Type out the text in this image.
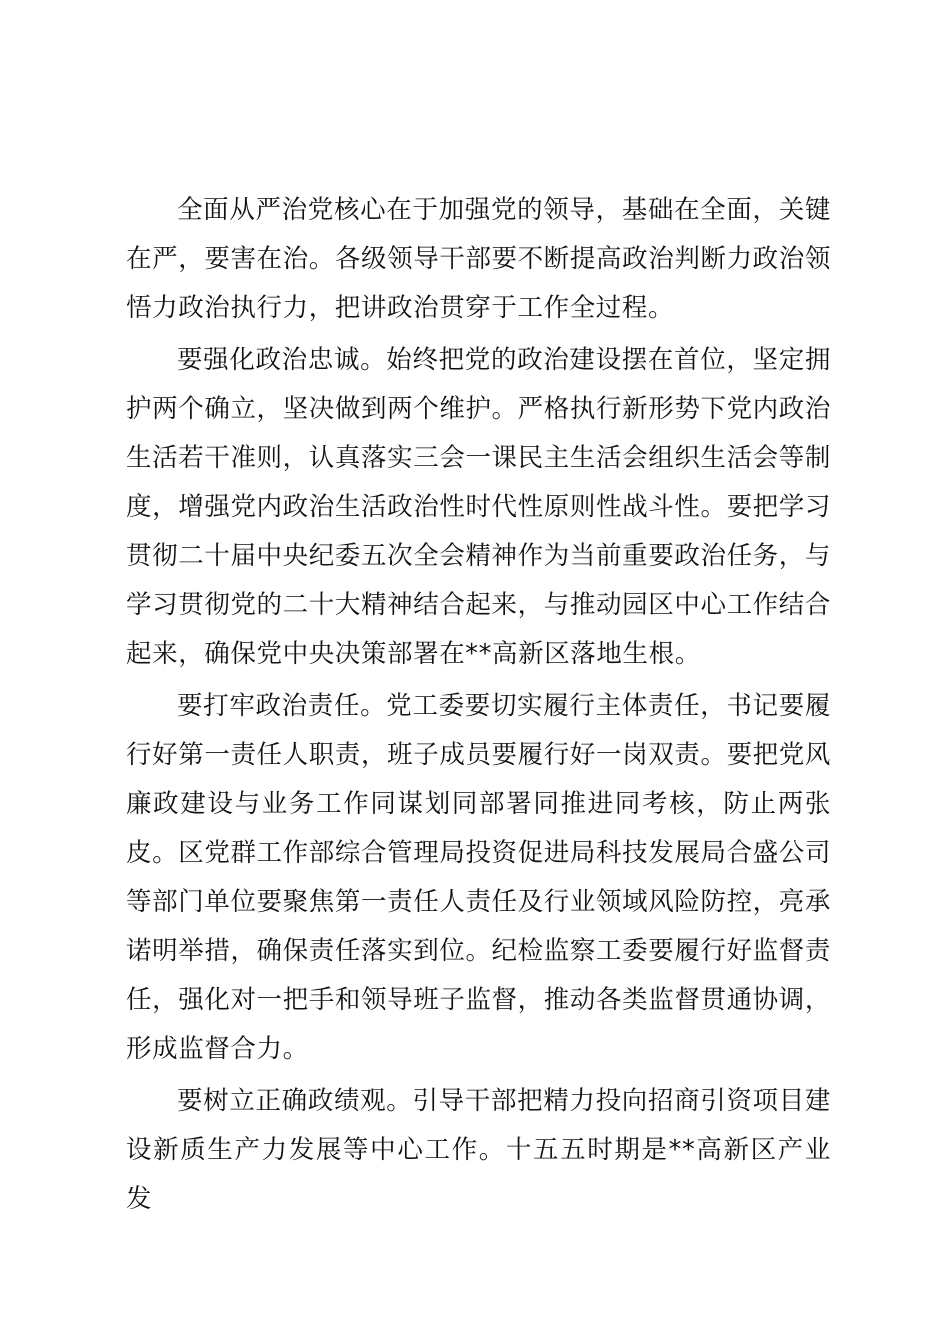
全面从严治党核心在于加强党的领导，基础在全面，关键在严，要害在治。各级领导干部要不断提高政治判断力政治领悟力政治执行力，把讲政治贯穿于工作全过程。

要强化政治忠诚。始终把党的政治建设摆在首位，坚定拥护两个确立，坚决做到两个维护。严格执行新形势下党内政治生活若干准则，认真落实三会一课民主生活会组织生活会等制度，增强党内政治生活政治性时代性原则性战斗性。要把学习贯彻二十届中央纪委五次全会精神作为当前重要政治任务，与学习贯彻党的二十大精神结合起来，与推动园区中心工作结合起来，确保党中央决策部署在**高新区落地生根。

要打牢政治责任。党工委要切实履行主体责任，书记要履行好第一责任人职责，班子成员要履行好一岗双责。要把党风廉政建设与业务工作同谋划同部署同推进同考核，防止两张皮。区党群工作部综合管理局投资促进局科技发展局合盛公司等部门单位要聚焦第一责任人责任及行业领域风险防控，亮承诺明举措，确保责任落实到位。纪检监察工委要履行好监督责任，强化对一把手和领导班子监督，推动各类监督贯通协调，形成监督合力。

要树立正确政绩观。引导干部把精力投向招商引资项目建设新质生产力发展等中心工作。十五五时期是**高新区产业发
